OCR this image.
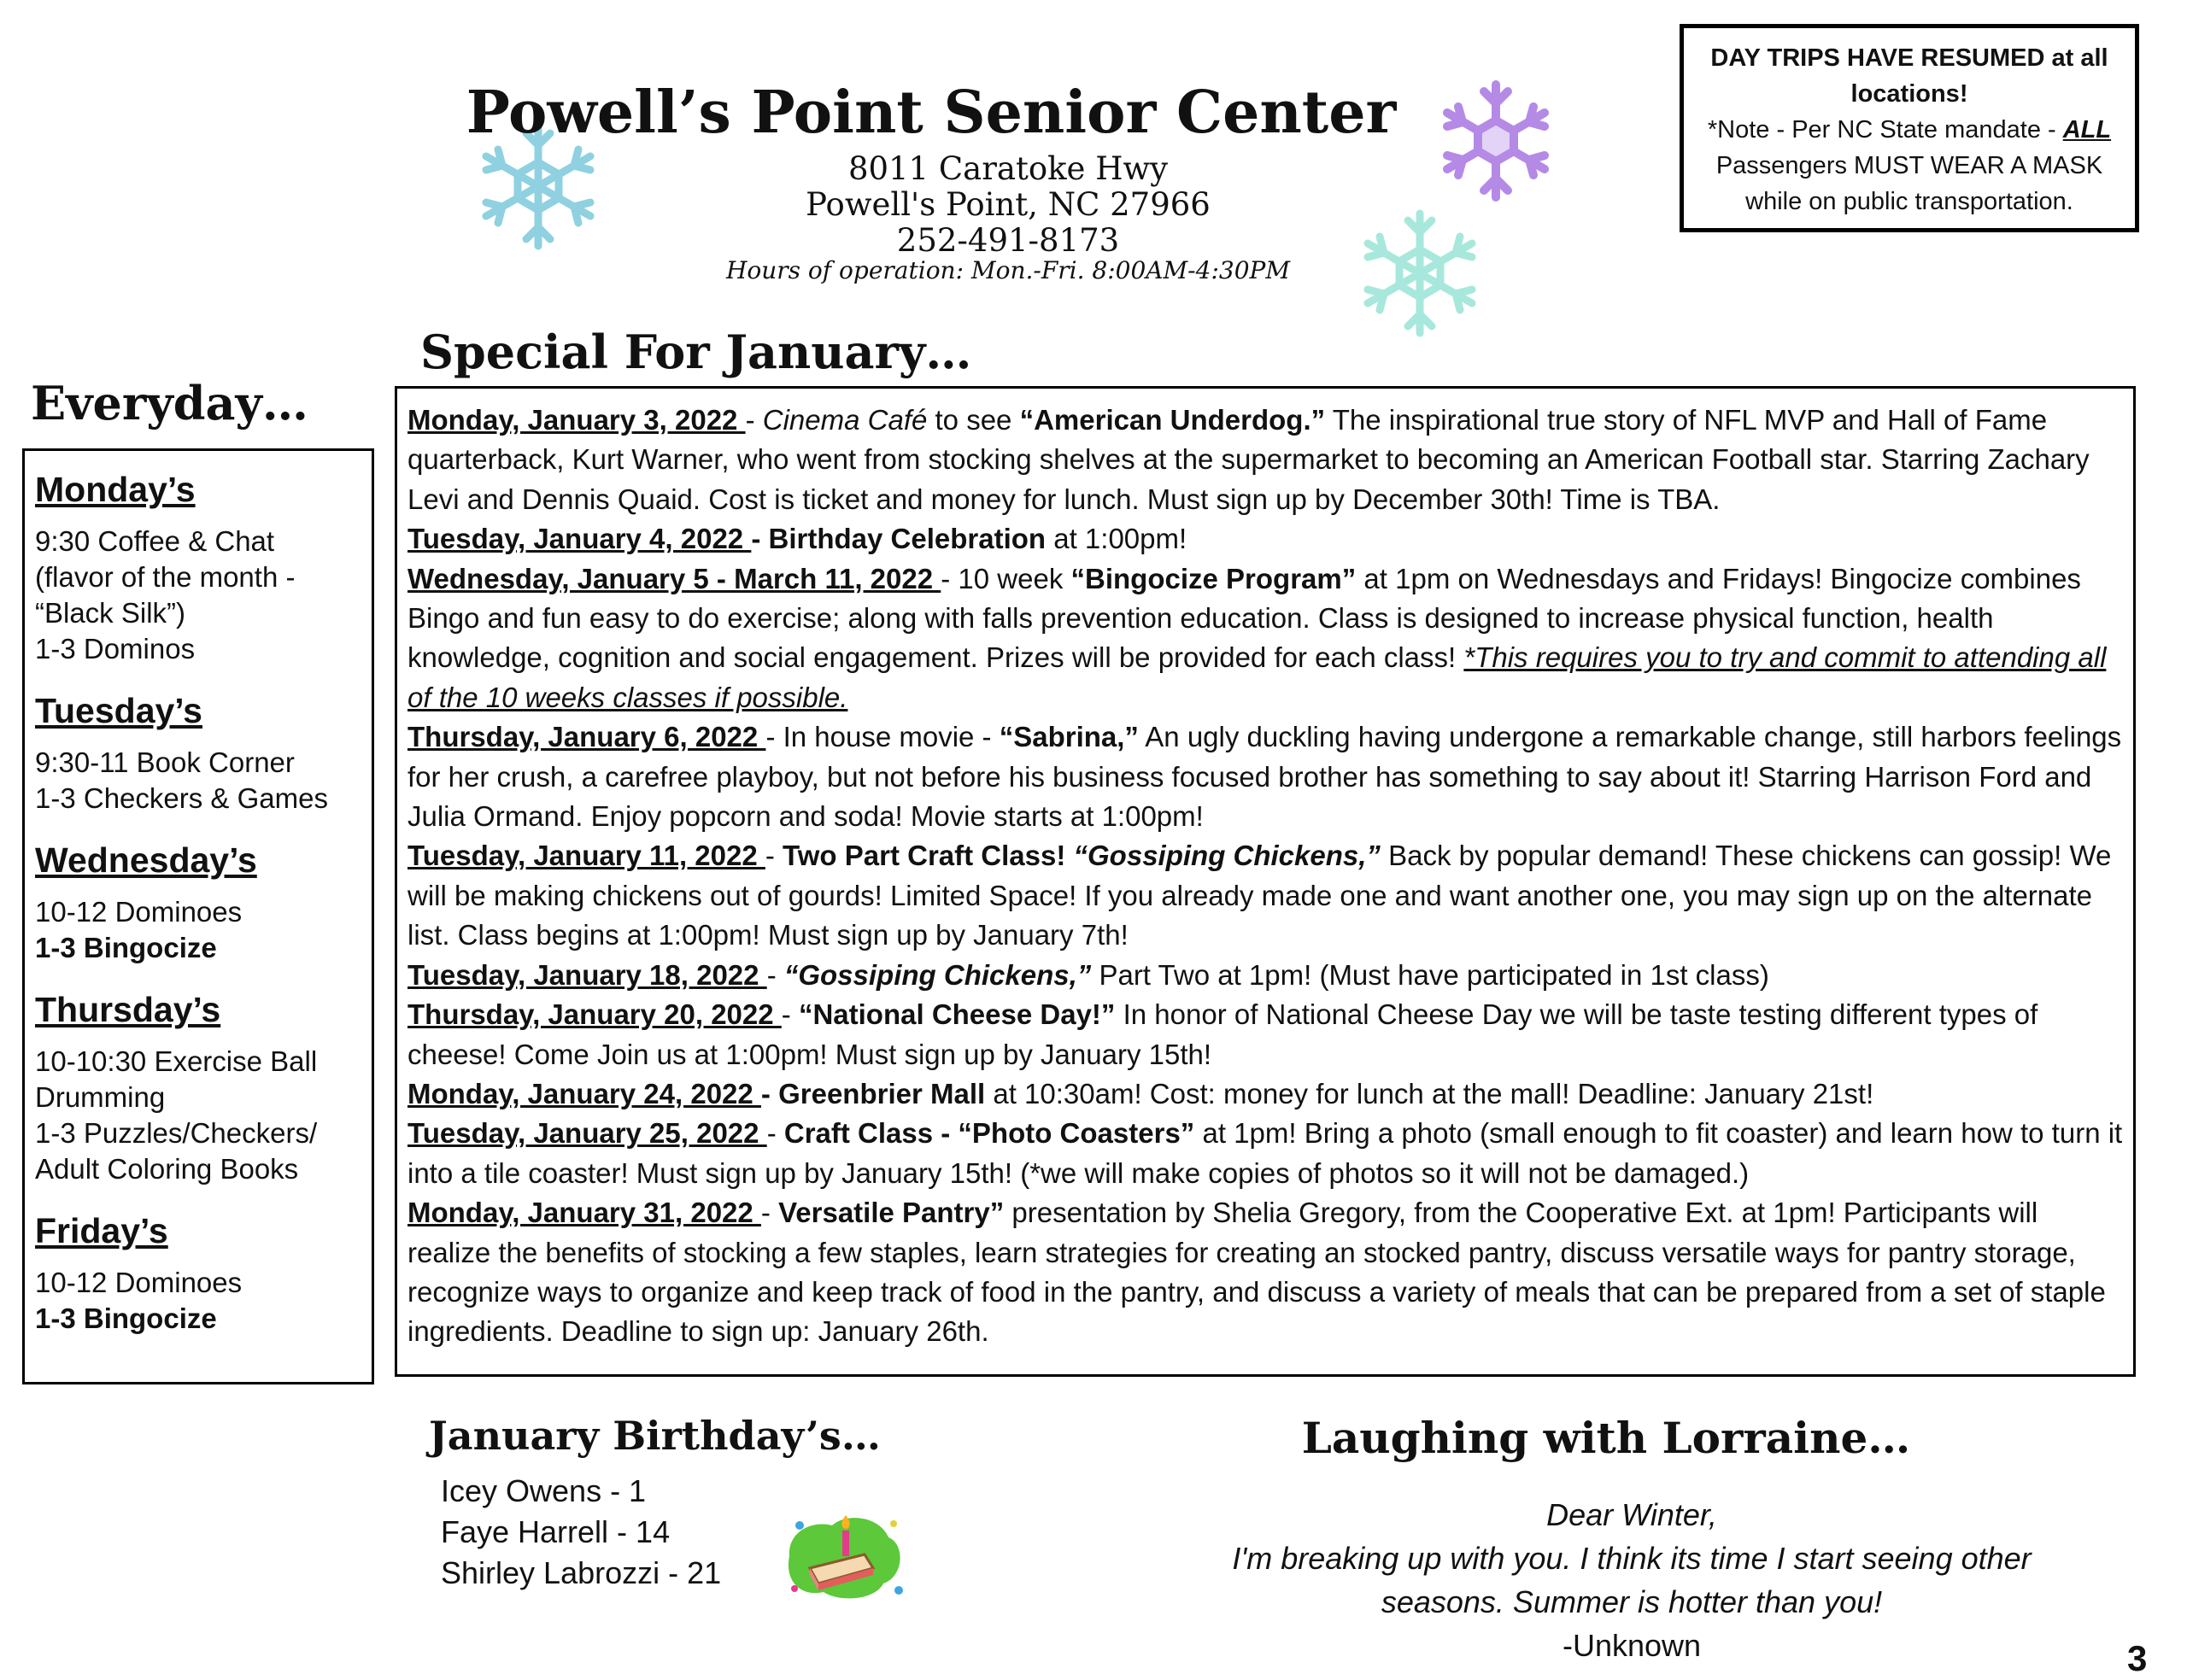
Powell’s Point Senior Center
8011 Caratoke Hwy
Powell's Point, NC 27966
252-491-8173
Hours of operation: Mon.-Fri. 8:00AM-4:30PM
DAY TRIPS HAVE RESUMED at all
locations!
*Note - Per NC State mandate - ALL
Passengers MUST WEAR A MASK
while on public transportation.
Everyday…
Monday’s
9:30 Coffee & Chat
(flavor of the month -
“Black Silk”)
1-3 Dominos
Tuesday’s
9:30-11 Book Corner
1-3 Checkers & Games
Wednesday’s
10-12 Dominoes
1-3 Bingocize
Thursday’s
10-10:30 Exercise Ball
Drumming
1-3 Puzzles/Checkers/
Adult Coloring Books
Friday’s
10-12 Dominoes
1-3 Bingocize
Special For January…

Monday, January 3, 2022 - Cinema Café to see “American Underdog.” The inspirational true story of NFL MVP and Hall of Fame quarterback, Kurt Warner, who went from stocking shelves at the supermarket to becoming an American Football star. Starring Zachary Levi and Dennis Quaid. Cost is ticket and money for lunch. Must sign up by December 30th! Time is TBA.

Tuesday, January 4, 2022 - Birthday Celebration at 1:00pm!

Wednesday, January 5 - March 11, 2022 - 10 week “Bingocize Program” at 1pm on Wednesdays and Fridays! Bingocize combines Bingo and fun easy to do exercise; along with falls prevention education. Class is designed to increase physical function, health knowledge, cognition and social engagement. Prizes will be provided for each class! *This requires you to try and commit to attending all of the 10 weeks classes if possible.

Thursday, January 6, 2022 - In house movie - “Sabrina,” An ugly duckling having undergone a remarkable change, still harbors feelings for her crush, a carefree playboy, but not before his business focused brother has something to say about it! Starring Harrison Ford and Julia Ormand. Enjoy popcorn and soda! Movie starts at 1:00pm!

Tuesday, January 11, 2022 - Two Part Craft Class! “Gossiping Chickens,” Back by popular demand! These chickens can gossip! We will be making chickens out of gourds! Limited Space! If you already made one and want another one, you may sign up on the alternate list. Class begins at 1:00pm! Must sign up by January 7th!

Tuesday, January 18, 2022 - “Gossiping Chickens,” Part Two at 1pm! (Must have participated in 1st class)

Thursday, January 20, 2022 - “National Cheese Day!” In honor of National Cheese Day we will be taste testing different types of cheese! Come Join us at 1:00pm! Must sign up by January 15th!

Monday, January 24, 2022 - Greenbrier Mall at 10:30am! Cost: money for lunch at the mall! Deadline: January 21st!

Tuesday, January 25, 2022 - Craft Class - “Photo Coasters” at 1pm! Bring a photo (small enough to fit coaster) and learn how to turn it into a tile coaster! Must sign up by January 15th! (*we will make copies of photos so it will not be damaged.)

Monday, January 31, 2022 - Versatile Pantry” presentation by Shelia Gregory, from the Cooperative Ext. at 1pm! Participants will realize the benefits of stocking a few staples, learn strategies for creating an stocked pantry, discuss versatile ways for pantry storage, recognize ways to organize and keep track of food in the pantry, and discuss a variety of meals that can be prepared from a set of staple ingredients. Deadline to sign up: January 26th.

January Birthday’s…
Icey Owens - 1
Faye Harrell - 14
Shirley Labrozzi - 21
Laughing with Lorraine…
Dear Winter,
I'm breaking up with you. I think its time I start seeing other
seasons. Summer is hotter than you!
-Unknown	3
